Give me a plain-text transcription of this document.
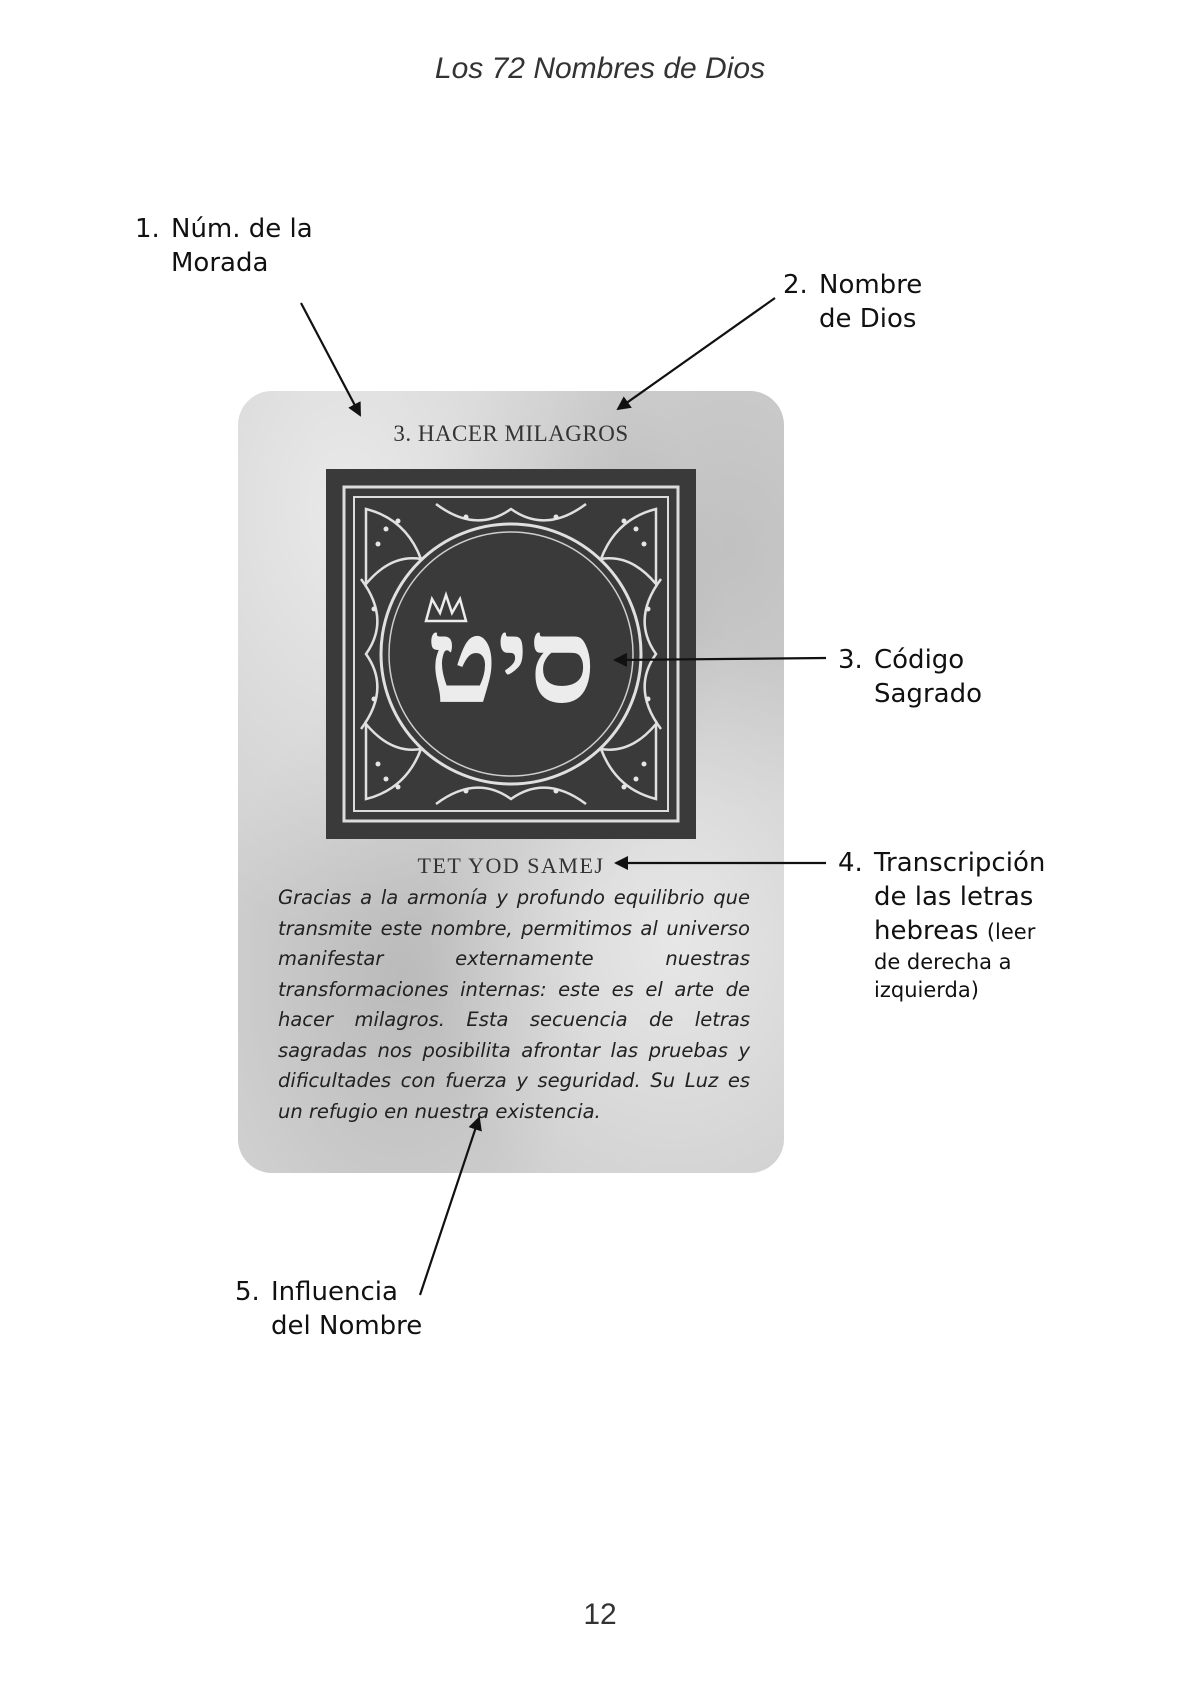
Los 72 Nombres de Dios
1. Núm. de la
Morada
2. Nombre
de Dios
3. Código
Sagrado
4. Transcripción
de las letras
hebreas (leer
de derecha a
izquierda)
5. Influencia
del Nombre
3. HACER MILAGROS
סיט
TET YOD SAMEJ

Gracias a la armonía y profundo equilibrio que transmite este nombre, permitimos al universo manifestar externamente nuestras transformaciones internas: este es el arte de hacer milagros. Esta secuencia de letras sagradas nos posibilita afrontar las pruebas y dificultades con fuerza y seguridad. Su Luz es un refugio en nuestra existencia.

12
